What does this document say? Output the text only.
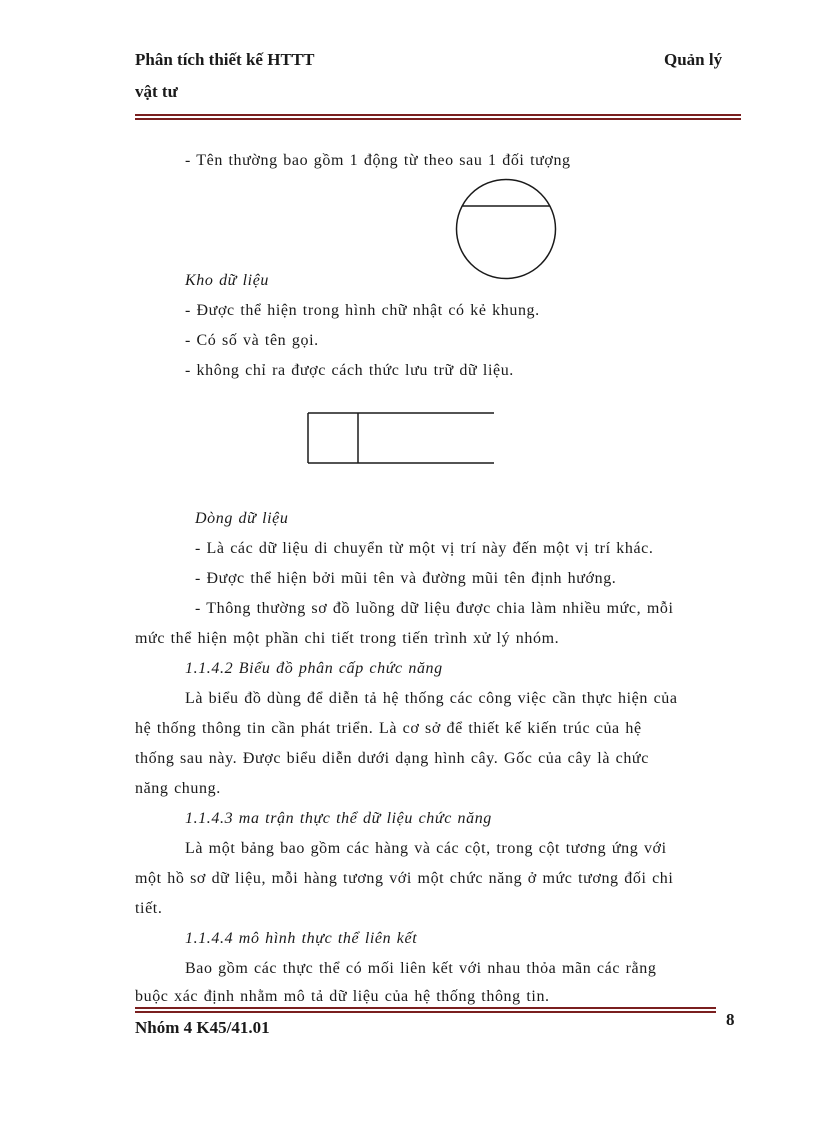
Phân tích thiết kế HTTT	Quản lý
vật tư
- Tên thường bao gồm 1 động từ theo sau 1 đối tượng
Kho dữ liệu
- Được thể hiện trong hình chữ nhật có kẻ khung.
- Có số và tên gọi.
- không chỉ ra được cách thức lưu trữ dữ liệu.
Dòng dữ liệu
- Là các dữ liệu di chuyển từ một vị trí này đến một vị trí khác.
- Được thể hiện bởi mũi tên và đường mũi tên định hướng.
- Thông thường sơ đồ luồng dữ liệu được chia làm nhiều mức, mỗi
mức thể hiện một phần chi tiết trong tiến trình xử lý nhóm.
1.1.4.2 Biểu đồ phân cấp chức năng
Là biểu đồ dùng để diễn tả hệ thống các công việc cần thực hiện của
hệ thống thông tin cần phát triển. Là cơ sở để thiết kế kiến trúc của hệ
thống sau này. Được biểu diễn dưới dạng hình cây. Gốc của cây là chức
năng chung.
1.1.4.3 ma trận thực thể dữ liệu chức năng
Là một bảng bao gồm các hàng và các cột, trong cột tương ứng với
một hồ sơ dữ liệu, mỗi hàng tương với một chức năng ở mức tương đối chi
tiết.
1.1.4.4 mô hình thực thể liên kết
Bao gồm các thực thể có mối liên kết với nhau thỏa mãn các rằng
buộc xác định nhằm mô tả dữ liệu của hệ thống thông tin.
Nhóm 4 K45/41.01	8
